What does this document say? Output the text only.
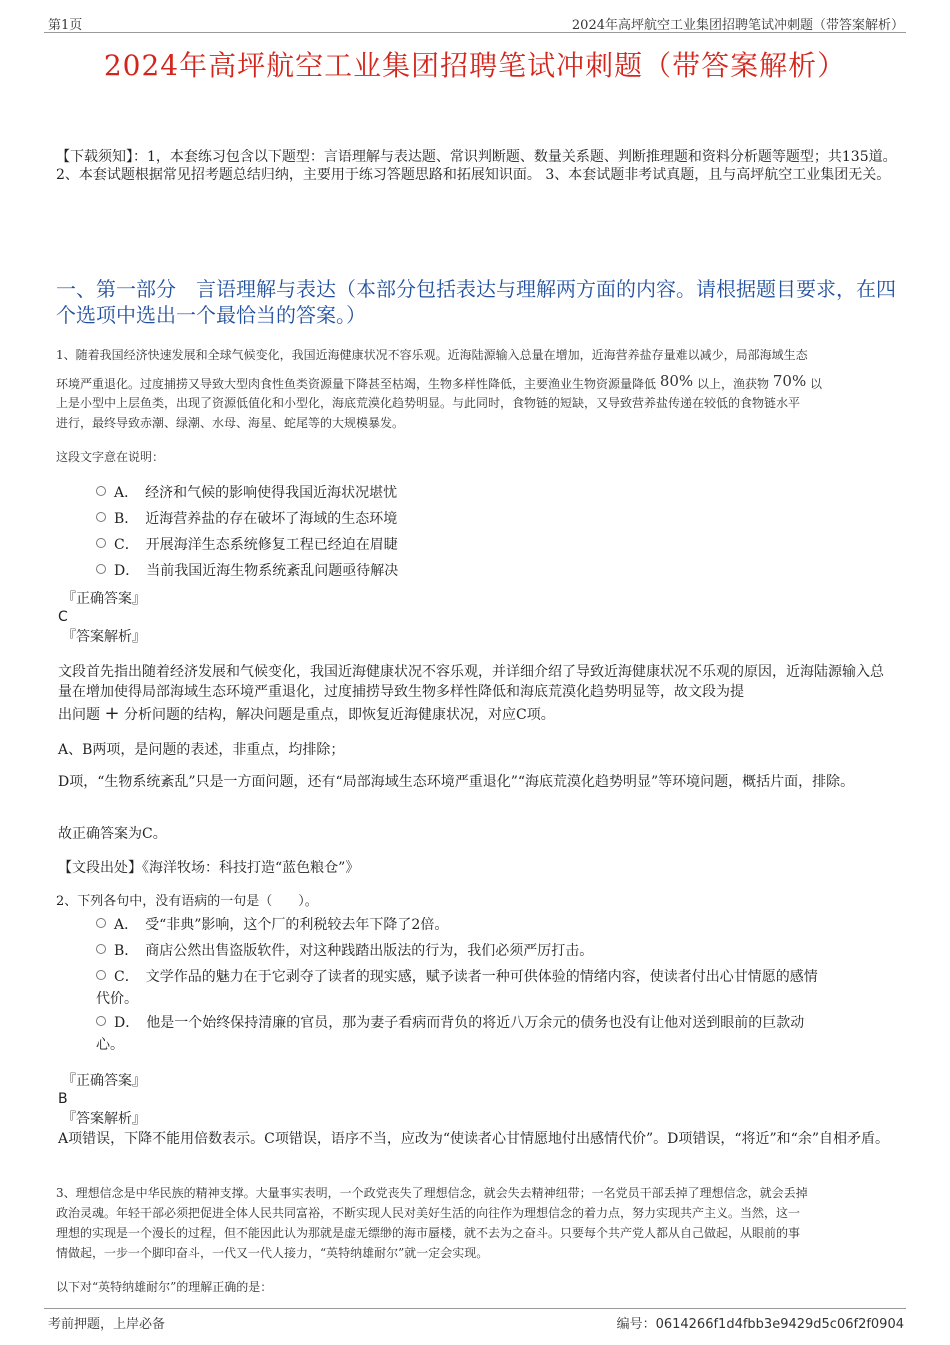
第1页	2024年高坪航空工业集团招聘笔试冲刺题（带答案解析）
2024年高坪航空工业集团招聘笔试冲刺题（带答案解析）
【下载须知】：1，本套练习包含以下题型：言语理解与表达题、常识判断题、数量关系题、判断推理题和资料分析题等题型；共135道。 2、本套试题根据常见招考题总结归纳，主要用于练习答题思路和拓展知识面。 3、本套试题非考试真题，且与高坪航空工业集团无关。
一、第一部分　言语理解与表达（本部分包括表达与理解两方面的内容。请根据题目要求，在四个选项中选出一个最恰当的答案。）
1、随着我国经济快速发展和全球气候变化，我国近海健康状况不容乐观。近海陆源输入总量在增加，近海营养盐存量难以减少，局部海域生态
环境严重退化。过度捕捞又导致大型肉食性鱼类资源量下降甚至枯竭，生物多样性降低，主要渔业生物资源量降低 80% 以上，渔获物 70% 以
上是小型中上层鱼类，出现了资源低值化和小型化，海底荒漠化趋势明显。与此同时，食物链的短缺，又导致营养盐传递在较低的食物链水平
进行，最终导致赤潮、绿潮、水母、海星、蛇尾等的大规模暴发。
这段文字意在说明：
A．　经济和气候的影响使得我国近海状况堪忧
B．　近海营养盐的存在破坏了海域的生态环境
C．　开展海洋生态系统修复工程已经迫在眉睫
D．　当前我国近海生物系统紊乱问题亟待解决
『正确答案』
C
『答案解析』
文段首先指出随着经济发展和气候变化，我国近海健康状况不容乐观，并详细介绍了导致近海健康状况不乐观的原因，近海陆源输入总量在增加使得局部海域生态环境严重退化，过度捕捞导致生物多样性降低和海底荒漠化趋势明显等，故文段为提
出问题 + 分析问题的结构，解决问题是重点，即恢复近海健康状况，对应C项。
A、B两项，是问题的表述，非重点，均排除；
D项，“生物系统紊乱”只是一方面问题，还有“局部海域生态环境严重退化”“海底荒漠化趋势明显”等环境问题，概括片面，排除。
故正确答案为C。
【文段出处】《海洋牧场：科技打造“蓝色粮仓”》
2、下列各句中，没有语病的一句是（　　）。
A．　受“非典”影响，这个厂的利税较去年下降了2倍。
B．　商店公然出售盗版软件，对这种践踏出版法的行为，我们必须严厉打击。
C．　文学作品的魅力在于它剥夺了读者的现实感，赋予读者一种可供体验的情绪内容，使读者付出心甘情愿的感情
代价。
D．　他是一个始终保持清廉的官员，那为妻子看病而背负的将近八万余元的债务也没有让他对送到眼前的巨款动
心。
『正确答案』
B
『答案解析』
A项错误，下降不能用倍数表示。C项错误，语序不当，应改为“使读者心甘情愿地付出感情代价”。D项错误，“将近”和“余”自相矛盾。
3、理想信念是中华民族的精神支撑。大量事实表明，一个政党丧失了理想信念，就会失去精神纽带；一名党员干部丢掉了理想信念，就会丢掉
政治灵魂。年轻干部必须把促进全体人民共同富裕，不断实现人民对美好生活的向往作为理想信念的着力点，努力实现共产主义。当然，这一
理想的实现是一个漫长的过程，但不能因此认为那就是虚无缥缈的海市蜃楼，就不去为之奋斗。只要每个共产党人都从自己做起，从眼前的事
情做起，一步一个脚印奋斗，一代又一代人接力，“英特纳雄耐尔”就一定会实现。
以下对“英特纳雄耐尔”的理解正确的是：
考前押题，上岸必备	编号：0614266f1d4fbb3e9429d5c06f2f0904
